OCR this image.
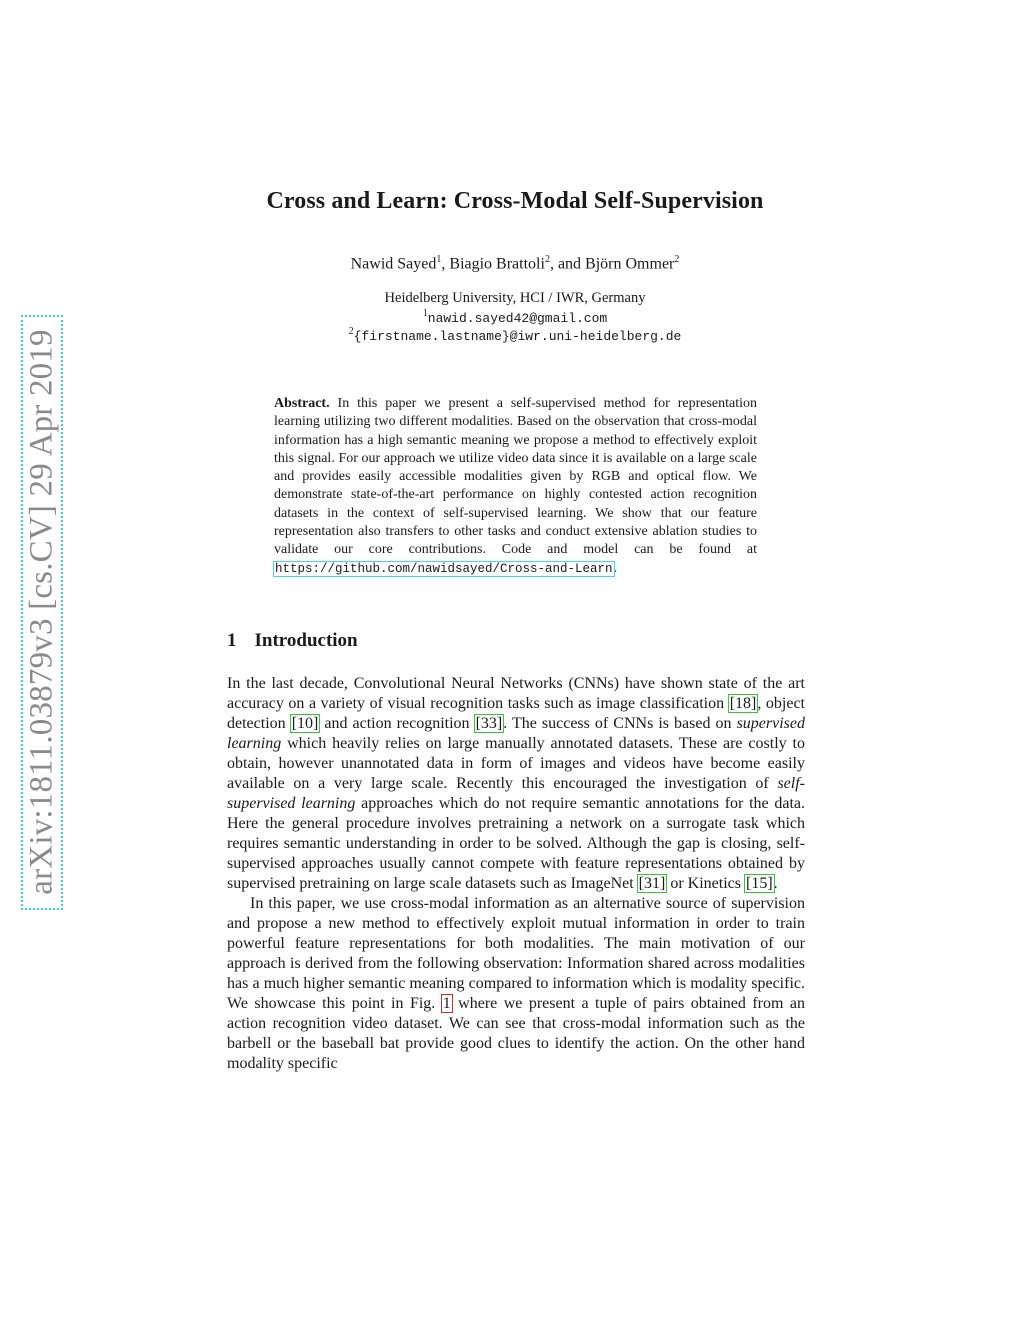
arXiv:1811.03879v3 [cs.CV] 29 Apr 2019
Cross and Learn: Cross-Modal Self-Supervision
Nawid Sayed$^1$, Biagio Brattoli$^2$, and Björn Ommer$^2$
Heidelberg University, HCI / IWR, Germany
$^1$nawid.sayed42@gmail.com
$^2${firstname.lastname}@iwr.uni-heidelberg.de
Abstract. In this paper we present a self-supervised method for representation learning utilizing two different modalities. Based on the observation that cross-modal information has a high semantic meaning we propose a method to effectively exploit this signal. For our approach we utilize video data since it is available on a large scale and provides easily accessible modalities given by RGB and optical flow. We demonstrate state-of-the-art performance on highly contested action recognition datasets in the context of self-supervised learning. We show that our feature representation also transfers to other tasks and conduct extensive ablation studies to validate our core contributions. Code and model can be found at https://github.com/nawidsayed/Cross-and-Learn.
1 Introduction

In the last decade, Convolutional Neural Networks (CNNs) have shown state of the art accuracy on a variety of visual recognition tasks such as image classification [18], object detection [10] and action recognition [33]. The success of CNNs is based on supervised learning which heavily relies on large manually annotated datasets. These are costly to obtain, however unannotated data in form of images and videos have become easily available on a very large scale. Recently this encouraged the investigation of self-supervised learning approaches which do not require semantic annotations for the data. Here the general procedure involves pretraining a network on a surrogate task which requires semantic understanding in order to be solved. Although the gap is closing, self-supervised approaches usually cannot compete with feature representations obtained by supervised pretraining on large scale datasets such as ImageNet [31] or Kinetics [15].

In this paper, we use cross-modal information as an alternative source of supervision and propose a new method to effectively exploit mutual information in order to train powerful feature representations for both modalities. The main motivation of our approach is derived from the following observation: Information shared across modalities has a much higher semantic meaning compared to information which is modality specific. We showcase this point in Fig. 1 where we present a tuple of pairs obtained from an action recognition video dataset. We can see that cross-modal information such as the barbell or the baseball bat provide good clues to identify the action. On the other hand modality specific
